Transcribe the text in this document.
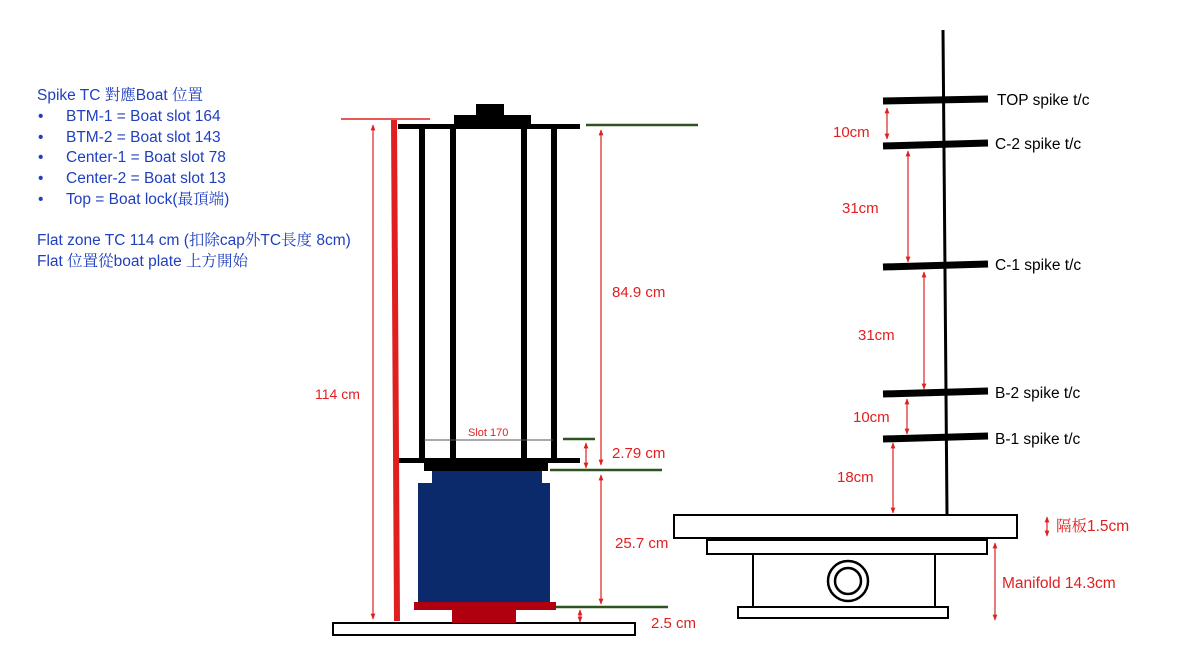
Spike TC 對應Boat 位置
•	BTM-1 = Boat slot 164
•	BTM-2 = Boat slot 143
•	Center-1 = Boat slot 78
•	Center-2 = Boat slot 13
•	Top = Boat lock(最頂端)
Flat zone TC 114 cm (扣除cap外TC長度 8cm)
Flat 位置從boat plate 上方開始
Slot 170
114 cm
84.9 cm
2.79 cm
25.7 cm
2.5 cm
TOP spike t/c
C-2 spike t/c
C-1 spike t/c
B-2 spike t/c
B-1 spike t/c
10cm
31cm
31cm
10cm
18cm
隔板1.5cm
Manifold 14.3cm
